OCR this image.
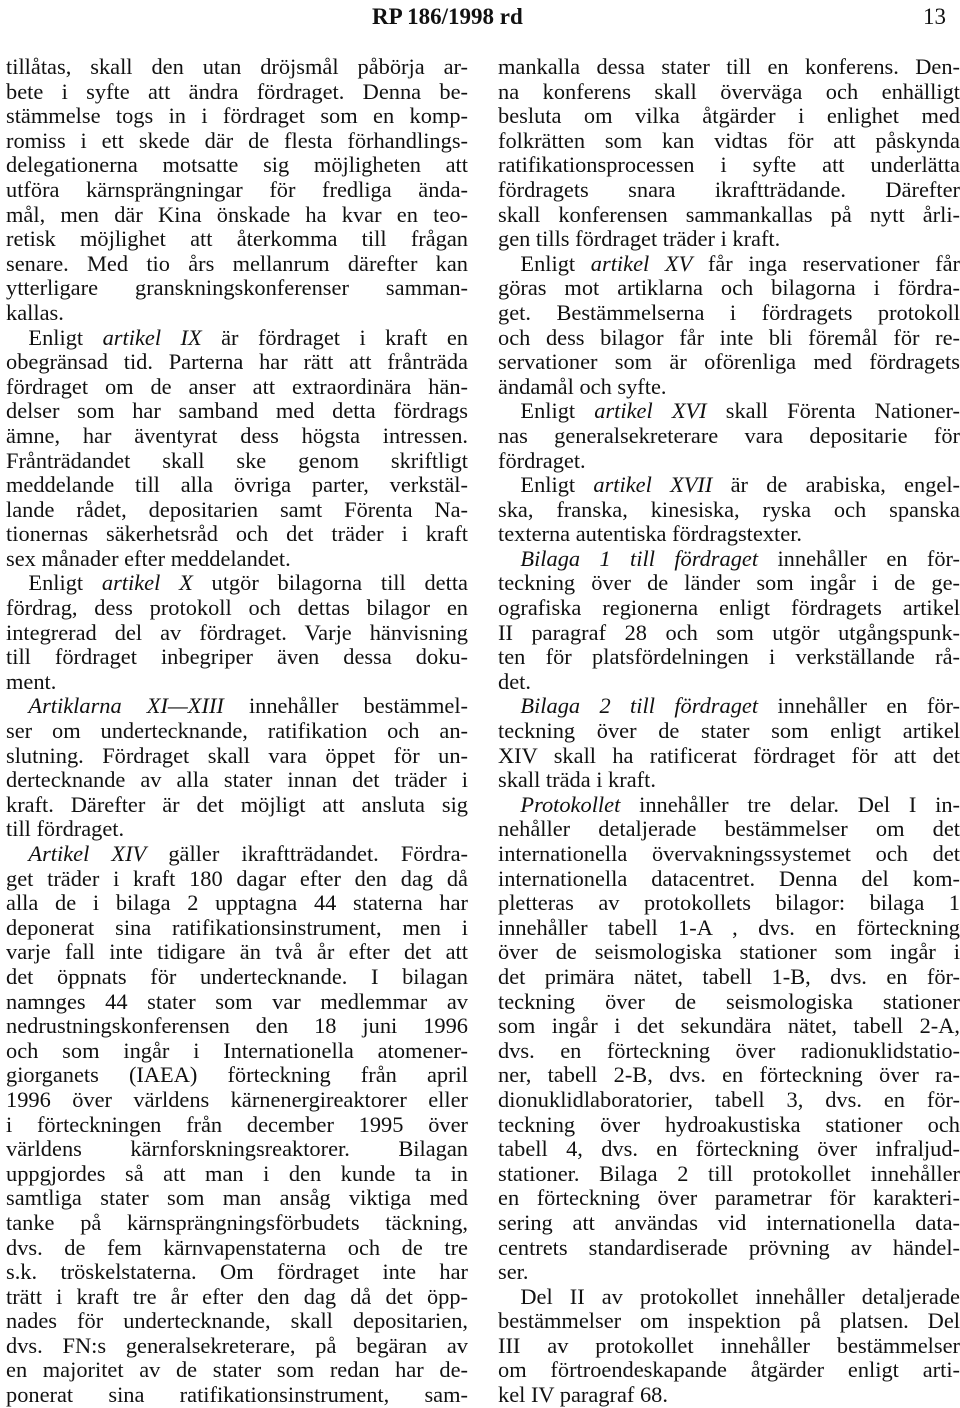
RP 186/1998 rd	13
tillåtas, skall den utan dröjsmål påbörja ar-
bete i syfte att ändra fördraget. Denna be-
stämmelse togs in i fördraget som en komp-
romiss i ett skede där de flesta förhandlings-
delegationerna motsatte sig möjligheten att
utföra kärnsprängningar för fredliga ända-
mål, men där Kina önskade ha kvar en teo-
retisk möjlighet att återkomma till frågan
senare. Med tio års mellanrum därefter kan
ytterligare granskningskonferenser samman-
kallas.
 Enligt artikel IX är fördraget i kraft en
obegränsad tid. Parterna har rätt att frånträda
fördraget om de anser att extraordinära hän-
delser som har samband med detta fördrags
ämne, har äventyrat dess högsta intressen.
Frånträdandet skall ske genom skriftligt
meddelande till alla övriga parter, verkstäl-
lande rådet, depositarien samt Förenta Na-
tionernas säkerhetsråd och det träder i kraft
sex månader efter meddelandet.
 Enligt artikel X utgör bilagorna till detta
fördrag, dess protokoll och dettas bilagor en
integrerad del av fördraget. Varje hänvisning
till fördraget inbegriper även dessa doku-
ment.
 Artiklarna XI—XIII innehåller bestämmel-
ser om undertecknande, ratifikation och an-
slutning. Fördraget skall vara öppet för un-
dertecknande av alla stater innan det träder i
kraft. Därefter är det möjligt att ansluta sig
till fördraget.
 Artikel XIV gäller ikraftträdandet. Fördra-
get träder i kraft 180 dagar efter den dag då
alla de i bilaga 2 upptagna 44 staterna har
deponerat sina ratifikationsinstrument, men i
varje fall inte tidigare än två år efter det att
det öppnats för undertecknande. I bilagan
namnges 44 stater som var medlemmar av
nedrustningskonferensen den 18 juni 1996
och som ingår i Internationella atomener-
giorganets (IAEA) förteckning från april
1996 över världens kärnenergireaktorer eller
i förteckningen från december 1995 över
världens kärnforskningsreaktorer. Bilagan
uppgjordes så att man i den kunde ta in
samtliga stater som man ansåg viktiga med
tanke på kärnsprängningsförbudets täckning,
dvs. de fem kärnvapenstaterna och de tre
s.k. tröskelstaterna. Om fördraget inte har
trätt i kraft tre år efter den dag då det öpp-
nades för undertecknande, skall depositarien,
dvs. FN:s generalsekreterare, på begäran av
en majoritet av de stater som redan har de-
ponerat sina ratifikationsinstrument, sam-
mankalla dessa stater till en konferens. Den-
na konferens skall överväga och enhälligt
besluta om vilka åtgärder i enlighet med
folkrätten som kan vidtas för att påskynda
ratifikationsprocessen i syfte att underlätta
fördragets snara ikraftträdande. Därefter
skall konferensen sammankallas på nytt årli-
gen tills fördraget träder i kraft.
 Enligt artikel XV får inga reservationer får
göras mot artiklarna och bilagorna i fördra-
get. Bestämmelserna i fördragets protokoll
och dess bilagor får inte bli föremål för re-
servationer som är oförenliga med fördragets
ändamål och syfte.
 Enligt artikel XVI skall Förenta Nationer-
nas generalsekreterare vara depositarie för
fördraget.
 Enligt artikel XVII är de arabiska, engel-
ska, franska, kinesiska, ryska och spanska
texterna autentiska fördragstexter.
 Bilaga 1 till fördraget innehåller en för-
teckning över de länder som ingår i de ge-
ografiska regionerna enligt fördragets artikel
II paragraf 28 och som utgör utgångspunk-
ten för platsfördelningen i verkställande rå-
det.
 Bilaga 2 till fördraget innehåller en för-
teckning över de stater som enligt artikel
XIV skall ha ratificerat fördraget för att det
skall träda i kraft.
 Protokollet innehåller tre delar. Del I in-
nehåller detaljerade bestämmelser om det
internationella övervakningssystemet och det
internationella datacentret. Denna del kom-
pletteras av protokollets bilagor: bilaga 1
innehåller tabell 1-A , dvs. en förteckning
över de seismologiska stationer som ingår i
det primära nätet, tabell 1-B, dvs. en för-
teckning över de seismologiska stationer
som ingår i det sekundära nätet, tabell 2-A,
dvs. en förteckning över radionuklidstatio-
ner, tabell 2-B, dvs. en förteckning över ra-
dionuklidlaboratorier, tabell 3, dvs. en för-
teckning över hydroakustiska stationer och
tabell 4, dvs. en förteckning över infraljud-
stationer. Bilaga 2 till protokollet innehåller
en förteckning över parametrar för karakteri-
sering att användas vid internationella data-
centrets standardiserade prövning av händel-
ser.
 Del II av protokollet innehåller detaljerade
bestämmelser om inspektion på platsen. Del
III av protokollet innehåller bestämmelser
om förtroendeskapande åtgärder enligt arti-
kel IV paragraf 68.
